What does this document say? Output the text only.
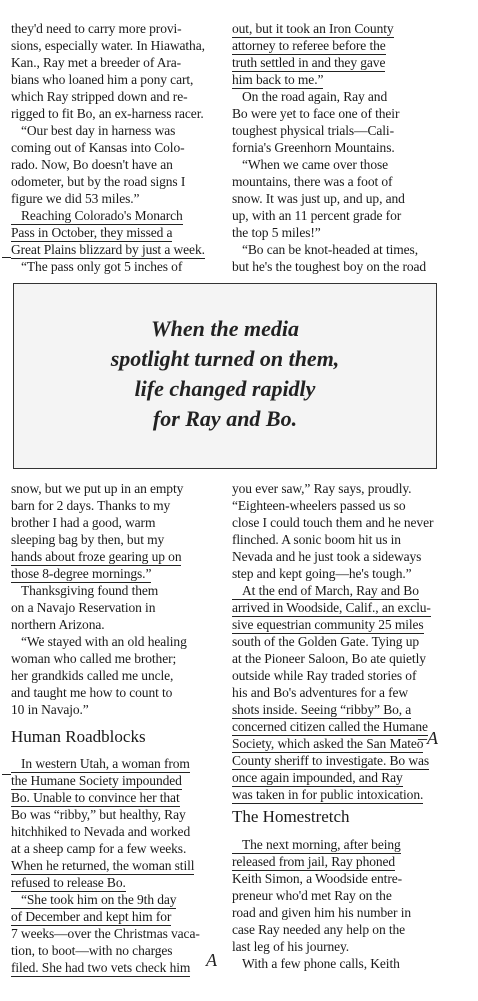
they'd need to carry more provi-
sions, especially water. In Hiawatha,
Kan., Ray met a breeder of Ara-
bians who loaned him a pony cart,
which Ray stripped down and re-
rigged to fit Bo, an ex-harness racer.
“Our best day in harness was
coming out of Kansas into Colo-
rado. Now, Bo doesn't have an
odometer, but by the road signs I
figure we did 53 miles.”
Reaching Colorado's Monarch
Pass in October, they missed a
Great Plains blizzard by just a week.
“The pass only got 5 inches of
out, but it took an Iron County
attorney to referee before the
truth settled in and they gave
him back to me.”
On the road again, Ray and
Bo were yet to face one of their
toughest physical trials—Cali-
fornia's Greenhorn Mountains.
“When we came over those
mountains, there was a foot of
snow. It was just up, and up, and
up, with an 11 percent grade for
the top 5 miles!”
“Bo can be knot-headed at times,
but he's the toughest boy on the road
When the media
spotlight turned on them,
life changed rapidly
for Ray and Bo.
snow, but we put up in an empty
barn for 2 days. Thanks to my
brother I had a good, warm
sleeping bag by then, but my
hands about froze gearing up on
those 8-degree mornings.”
Thanksgiving found them
on a Navajo Reservation in
northern Arizona.
“We stayed with an old healing
woman who called me brother;
her grandkids called me uncle,
and taught me how to count to
10 in Navajo.”
Human Roadblocks
In western Utah, a woman from
the Humane Society impounded
Bo. Unable to convince her that
Bo was “ribby,” but healthy, Ray
hitchhiked to Nevada and worked
at a sheep camp for a few weeks.
When he returned, the woman still
refused to release Bo.
“She took him on the 9th day
of December and kept him for
7 weeks—over the Christmas vaca-
tion, to boot—with no charges
filed. She had two vets check him
you ever saw,” Ray says, proudly.
“Eighteen-wheelers passed us so
close I could touch them and he never
flinched. A sonic boom hit us in
Nevada and he just took a sideways
step and kept going—he's tough.”
At the end of March, Ray and Bo
arrived in Woodside, Calif., an exclu-
sive equestrian community 25 miles
south of the Golden Gate. Tying up
at the Pioneer Saloon, Bo ate quietly
outside while Ray traded stories of
his and Bo's adventures for a few
shots inside. Seeing “ribby” Bo, a
concerned citizen called the Humane
Society, which asked the San Mateo
County sheriff to investigate. Bo was
once again impounded, and Ray
was taken in for public intoxication.
The Homestretch
The next morning, after being
released from jail, Ray phoned
Keith Simon, a Woodside entre-
preneur who'd met Ray on the
road and given him his number in
case Ray needed any help on the
last leg of his journey.
With a few phone calls, Keith
–A
A
